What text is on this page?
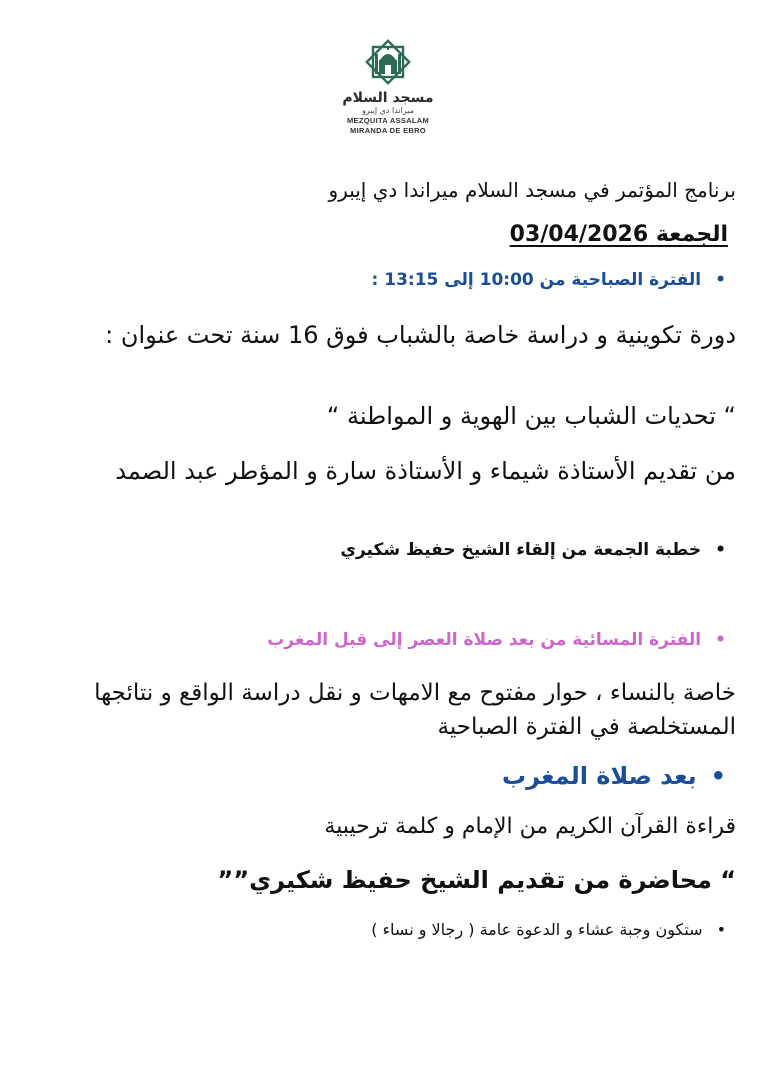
مسجد السلام
ميراندا دي إيبرو
MEZQUITA ASSALAM
MIRANDA DE EBRO
برنامج المؤتمر في مسجد السلام ميراندا دي إيبرو
الجمعة 03/04/2026
• الفترة الصباحية من 10:00 إلى 13:15 :
دورة تكوينية و دراسة خاصة بالشباب فوق 16 سنة تحت عنوان :
“ تحديات الشباب بين الهوية و المواطنة “
من تقديم الأستاذة شيماء و الأستاذة سارة و المؤطر عبد الصمد
• خطبة الجمعة من إلقاء الشيخ حفيظ شكيري
• الفترة المسائية من بعد صلاة العصر إلى قبل المغرب
خاصة بالنساء ، حوار مفتوح مع الامهات و نقل دراسة الواقع و نتائجها المستخلصة في الفترة الصباحية
• بعد صلاة المغرب
قراءة القرآن الكريم من الإمام و كلمة ترحيبية
“ محاضرة من تقديم الشيخ حفيظ شكيري””
• ستكون وجبة عشاء و الدعوة عامة ( رجالا و نساء )
